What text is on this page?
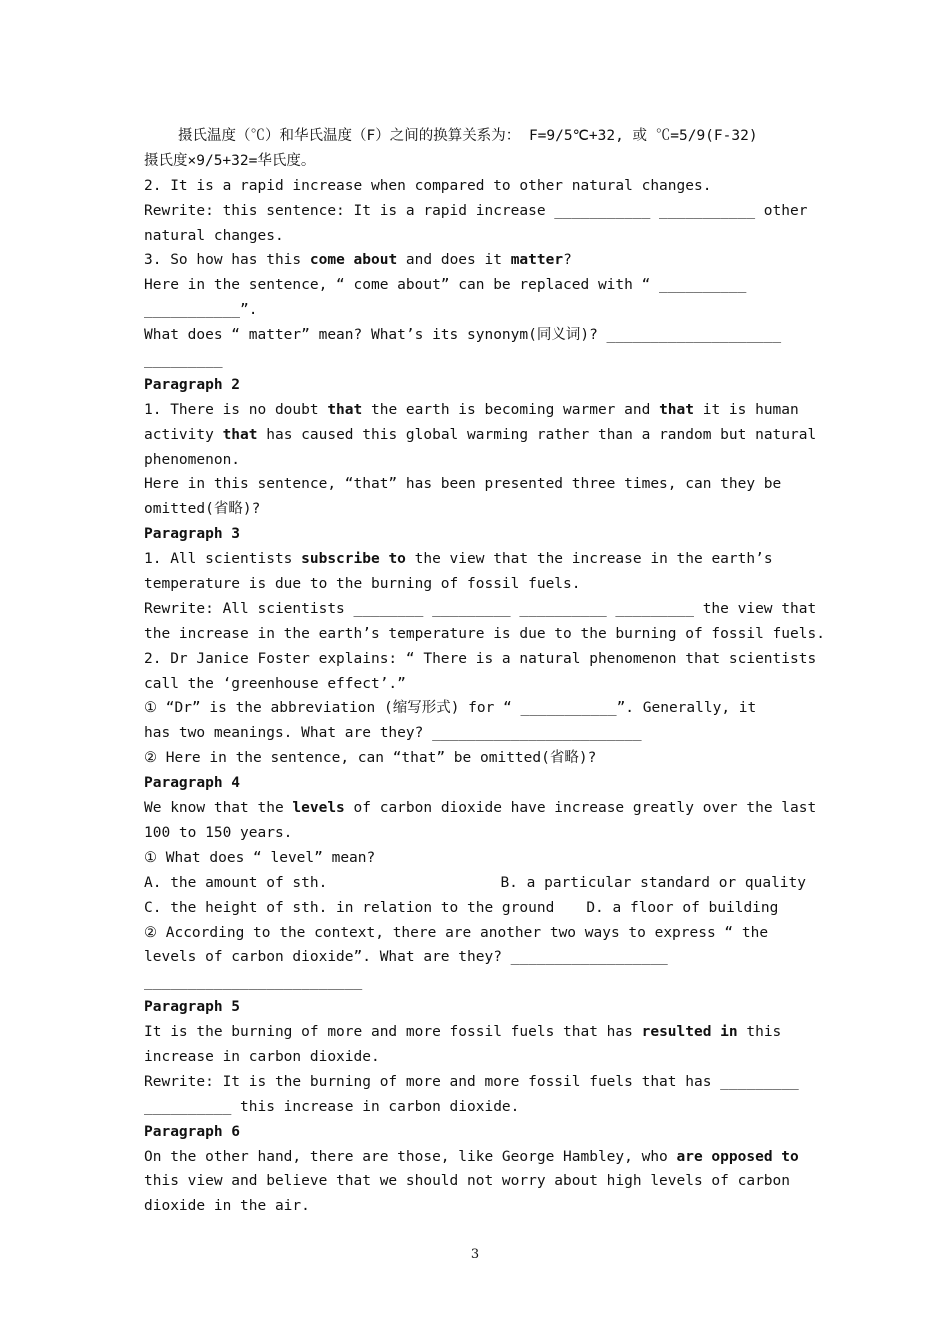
摄氏温度（℃）和华氏温度（F）之间的换算关系为： F=9/5℃+32, 或 ℃=5/9(F-32)
摄氏度×9/5+32=华氏度。
2. It is a rapid increase when compared to other natural changes.
Rewrite: this sentence: It is a rapid increase ___________ ___________ other
natural changes.
3. So how has this come about and does it matter ?
Here in the sentence, “ come about” can be replaced with “ __________
___________”.
What does “ matter” mean? What’s its synonym(同义词)? ____________________
_________
Paragraph 2
1. There is no doubt that the earth is becoming warmer and that it is human
activity that has caused this global warming rather than a random but natural
phenomenon.
Here in this sentence, “that” has been presented three times, can they be
omitted(省略)?
Paragraph 3
1. All scientists subscribe to the view that the increase in the earth’s
temperature is due to the burning of fossil fuels.
Rewrite: All scientists ________ _________ __________ _________ the view that
the increase in the earth’s temperature is due to the burning of fossil fuels.
2. Dr Janice Foster explains: “ There is a natural phenomenon that scientists
call the ‘greenhouse effect’.”
① “Dr” is the abbreviation (缩写形式) for “ ___________”. Generally, it
has two meanings. What are they? ________________________
② Here in the sentence, can “that” be omitted(省略)?
Paragraph 4
We know that the levels of carbon dioxide have increase greatly over the last
100 to 150 years.
① What does “ level” mean?
A. the amount of sth.	B. a particular standard or quality
C. the height of sth. in relation to the ground D. a floor of building
② According to the context, there are another two ways to express “ the
levels of carbon dioxide”. What are they? __________________
_________________________
Paragraph 5
It is the burning of more and more fossil fuels that has resulted in this
increase in carbon dioxide.
Rewrite: It is the burning of more and more fossil fuels that has _________
__________ this increase in carbon dioxide.
Paragraph 6
On the other hand, there are those, like George Hambley, who are opposed to
this view and believe that we should not worry about high levels of carbon
dioxide in the air.
3
